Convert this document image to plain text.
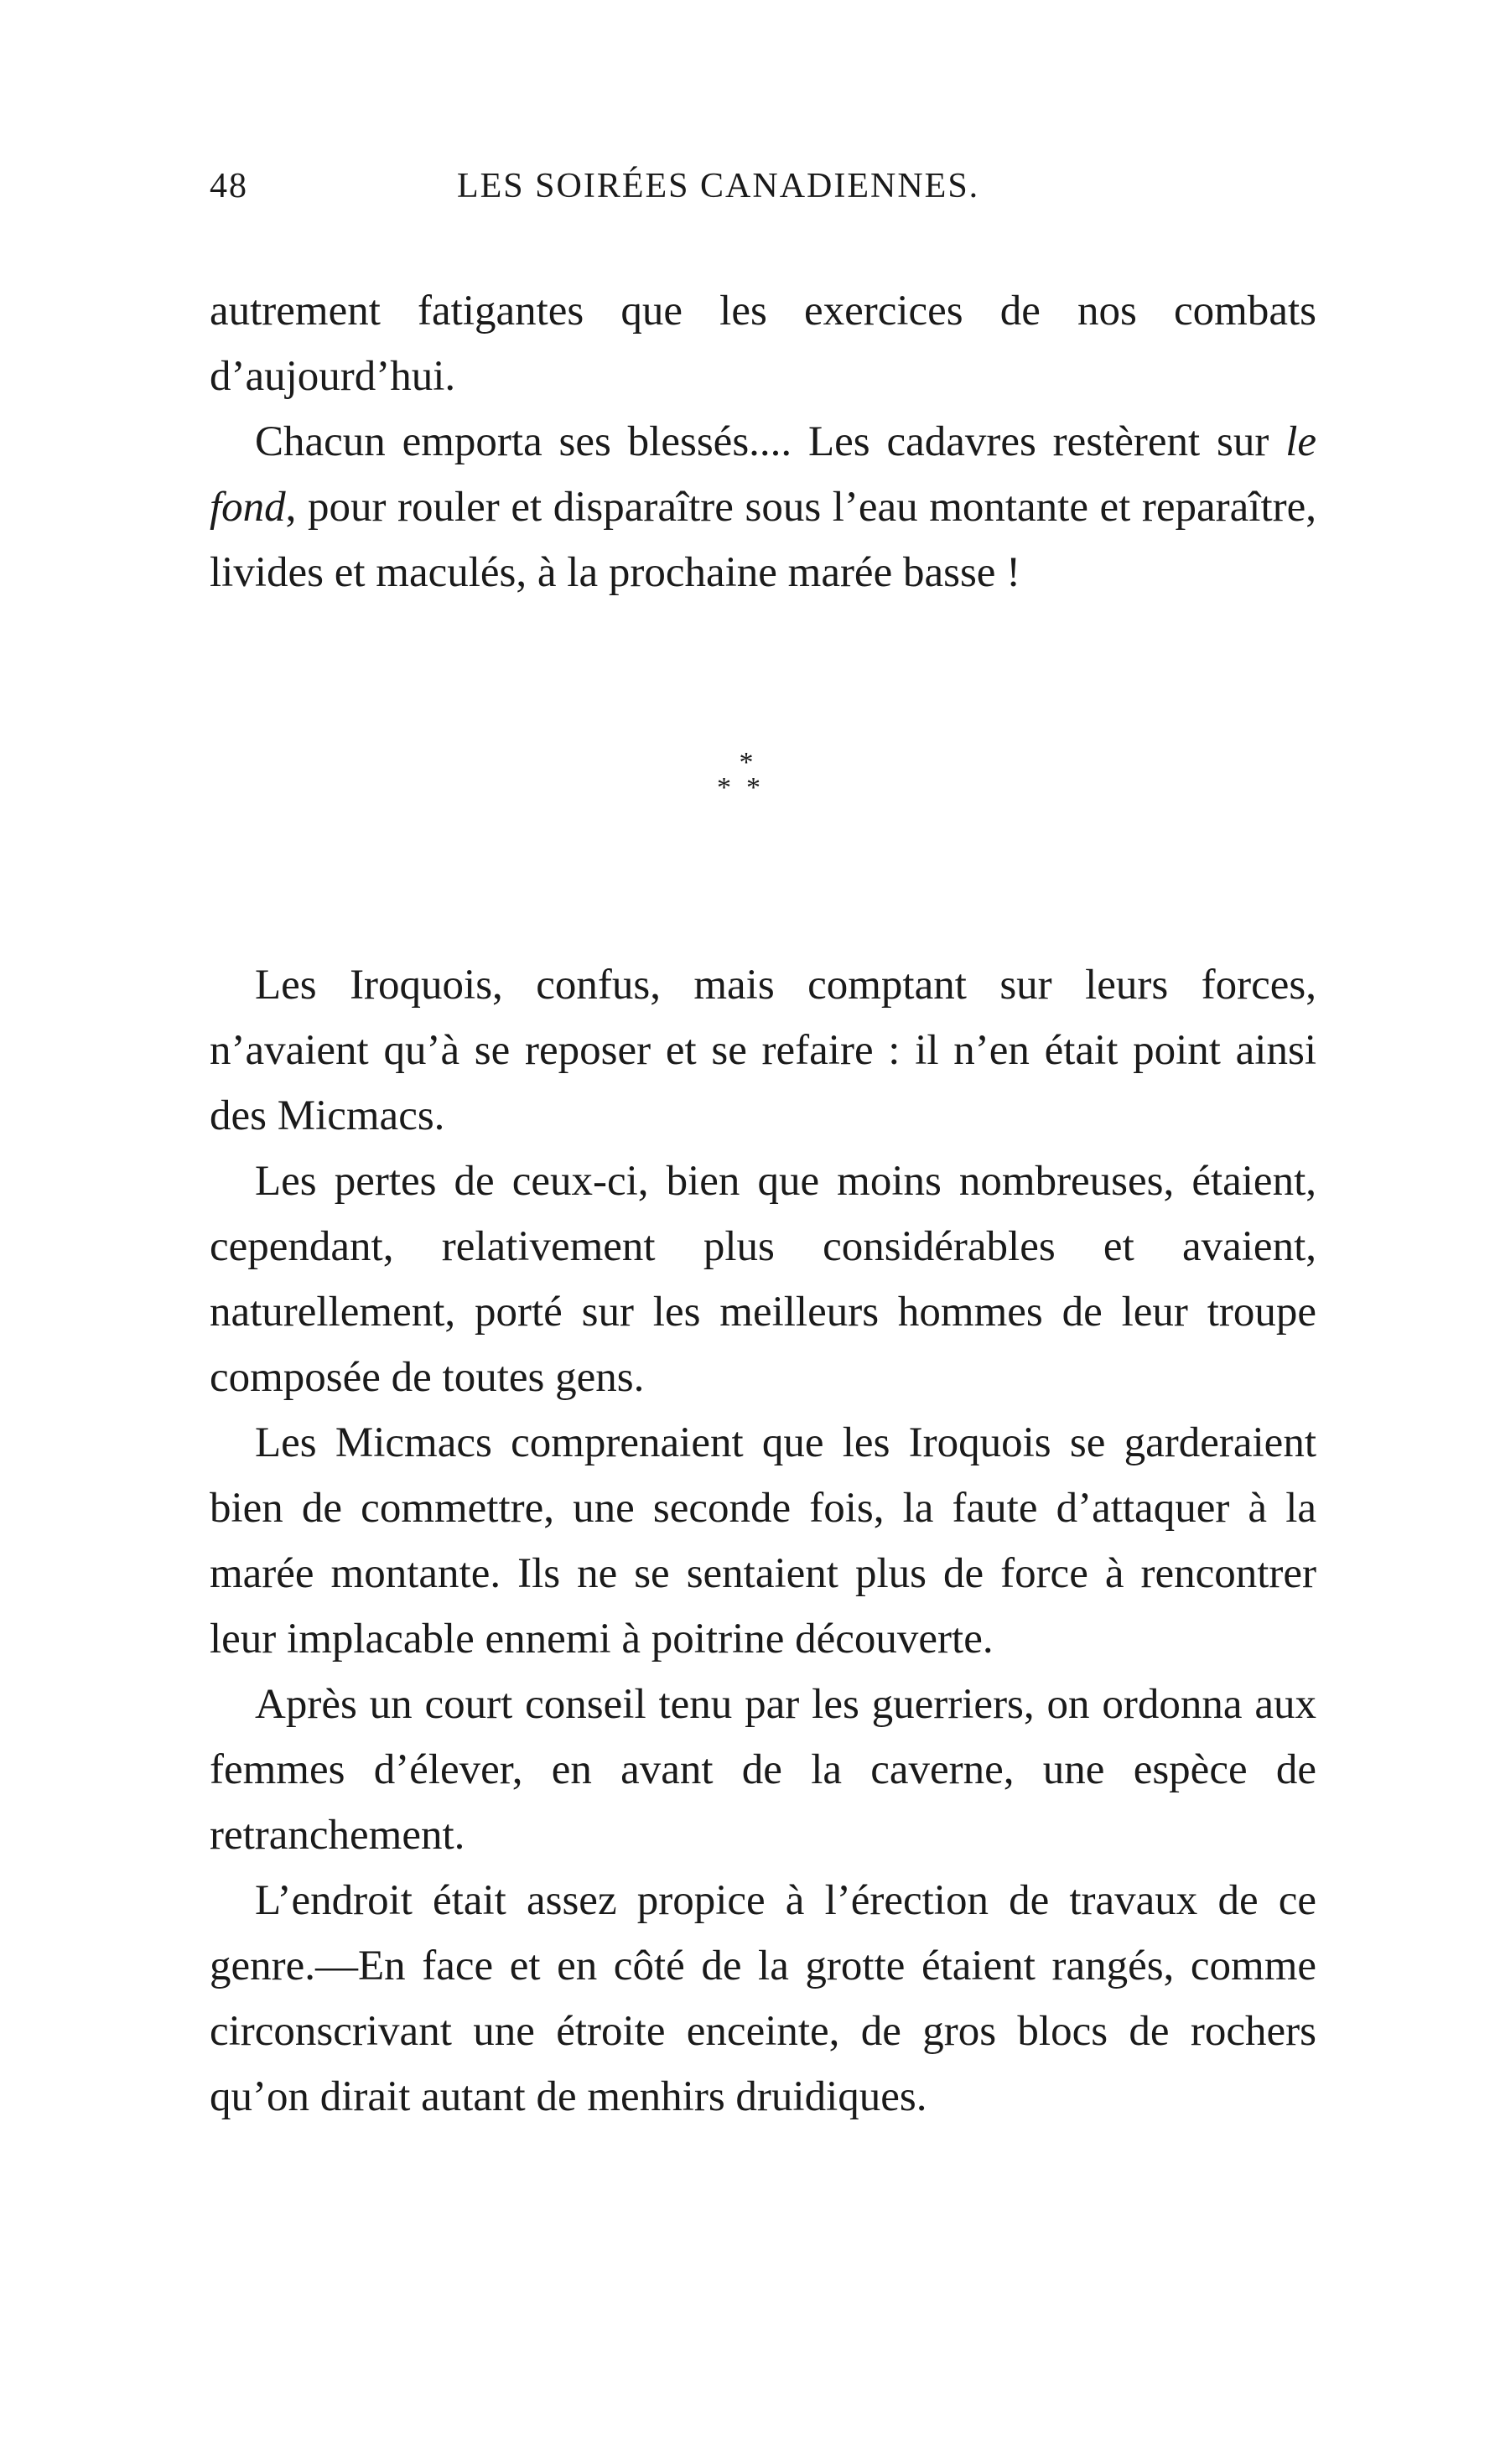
48	LES SOIRÉES CANADIENNES.

autrement fatigantes que les exercices de nos combats d’aujourd’hui.

Chacun emporta ses blessés.... Les cadavres restèrent sur le fond, pour rouler et disparaître sous l’eau montante et reparaître, livides et maculés, à la prochaine marée basse !

*
**

Les Iroquois, confus, mais comptant sur leurs forces, n’avaient qu’à se reposer et se refaire : il n’en était point ainsi des Micmacs.

Les pertes de ceux-ci, bien que moins nombreuses, étaient, cependant, relativement plus considérables et avaient, naturellement, porté sur les meilleurs hommes de leur troupe composée de toutes gens.

Les Micmacs comprenaient que les Iroquois se garderaient bien de commettre, une seconde fois, la faute d’attaquer à la marée montante. Ils ne se sentaient plus de force à rencontrer leur implacable ennemi à poitrine découverte.

Après un court conseil tenu par les guerriers, on ordonna aux femmes d’élever, en avant de la caverne, une espèce de retranchement.

L’endroit était assez propice à l’érection de travaux de ce genre.—En face et en côté de la grotte étaient rangés, comme circonscrivant une étroite enceinte, de gros blocs de rochers qu’on dirait autant de menhirs druidiques.
